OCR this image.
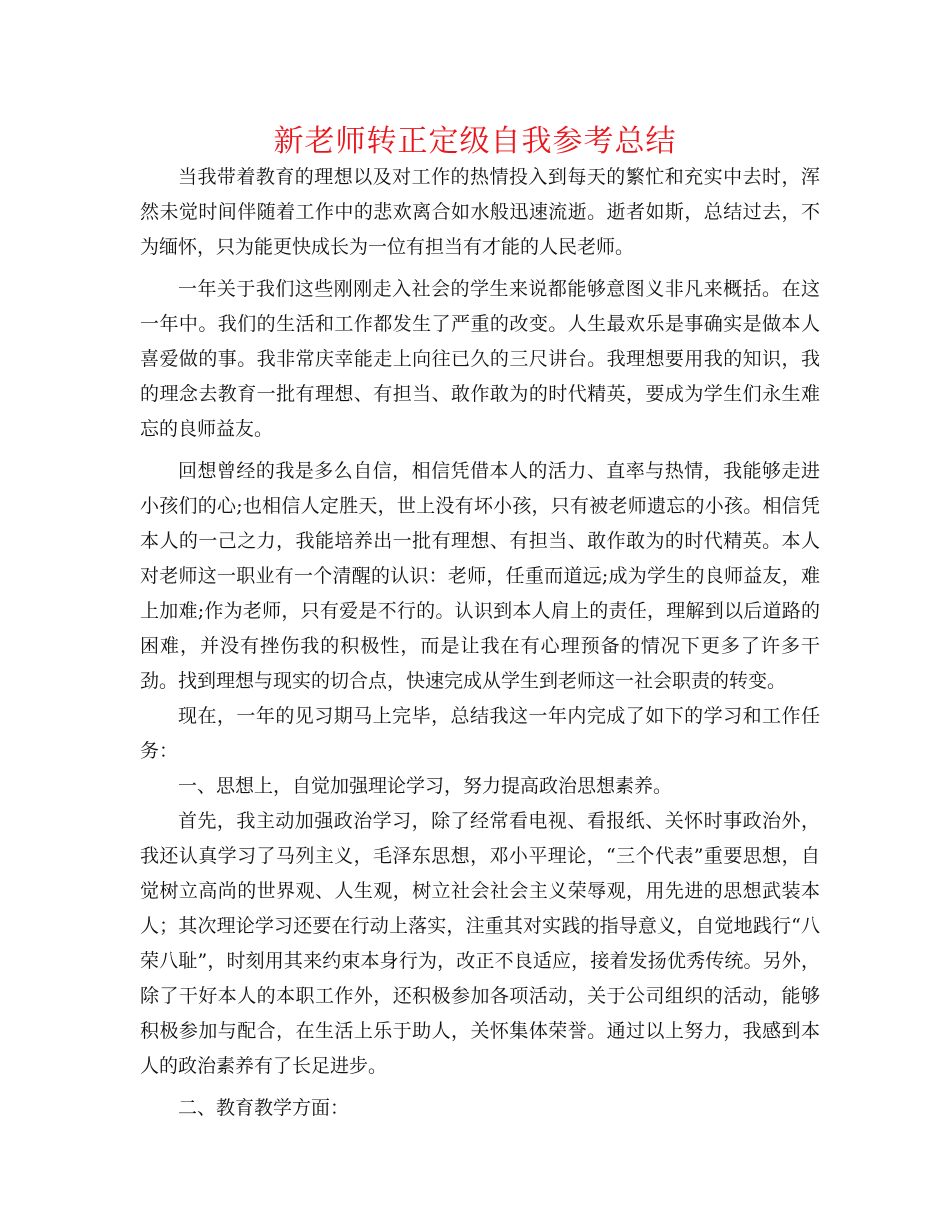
新老师转正定级自我参考总结

当我带着教育的理想以及对工作的热情投入到每天的繁忙和充实中去时，浑然未觉时间伴随着工作中的悲欢离合如水般迅速流逝。逝者如斯，总结过去，不为缅怀，只为能更快成长为一位有担当有才能的人民老师。

一年关于我们这些刚刚走入社会的学生来说都能够意图义非凡来概括。在这一年中。我们的生活和工作都发生了严重的改变。人生最欢乐是事确实是做本人喜爱做的事。我非常庆幸能走上向往已久的三尺讲台。我理想要用我的知识，我的理念去教育一批有理想、有担当、敢作敢为的时代精英，要成为学生们永生难忘的良师益友。

回想曾经的我是多么自信，相信凭借本人的活力、直率与热情，我能够走进小孩们的心;也相信人定胜天，世上没有坏小孩，只有被老师遗忘的小孩。相信凭本人的一己之力，我能培养出一批有理想、有担当、敢作敢为的时代精英。本人对老师这一职业有一个清醒的认识：老师，任重而道远;成为学生的良师益友，难上加难;作为老师，只有爱是不行的。认识到本人肩上的责任，理解到以后道路的困难，并没有挫伤我的积极性，而是让我在有心理预备的情况下更多了许多干劲。找到理想与现实的切合点，快速完成从学生到老师这一社会职责的转变。

现在，一年的见习期马上完毕，总结我这一年内完成了如下的学习和工作任务：

一、思想上，自觉加强理论学习，努力提高政治思想素养。

首先，我主动加强政治学习，除了经常看电视、看报纸、关怀时事政治外，我还认真学习了马列主义，毛泽东思想，邓小平理论，“三个代表”重要思想，自觉树立高尚的世界观、人生观，树立社会社会主义荣辱观，用先进的思想武装本人；其次理论学习还要在行动上落实，注重其对实践的指导意义，自觉地践行“八荣八耻”，时刻用其来约束本身行为，改正不良适应，接着发扬优秀传统。另外，除了干好本人的本职工作外，还积极参加各项活动，关于公司组织的活动，能够积极参加与配合，在生活上乐于助人，关怀集体荣誉。通过以上努力，我感到本人的政治素养有了长足进步。

二、教育教学方面：
